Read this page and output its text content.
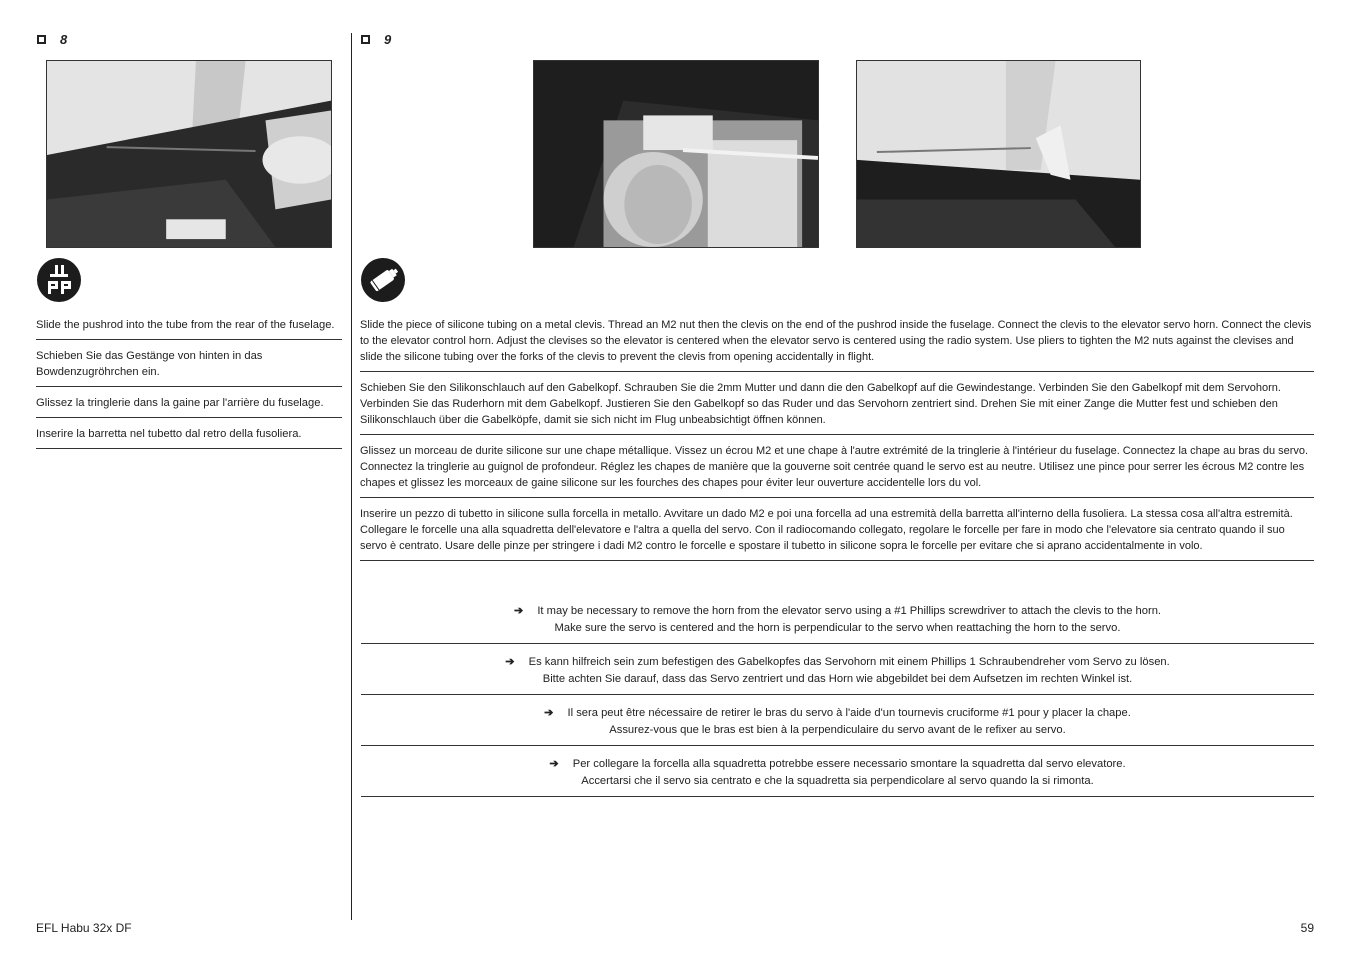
8	9
Slide the pushrod into the tube from the rear of the fuselage.
Schieben Sie das Gestänge von hinten in das Bowdenzugröhrchen ein.
Glissez la tringlerie dans la gaine par l'arrière du fuselage.
Inserire la barretta nel tubetto dal retro della fusoliera.
Slide the piece of silicone tubing on a metal clevis. Thread an M2 nut then the clevis on the end of the pushrod inside the fuselage. Connect the clevis to the elevator servo horn. Connect the clevis to the elevator control horn. Adjust the clevises so the elevator is centered when the elevator servo is centered using the radio system. Use pliers to tighten the M2 nuts against the clevises and slide the silicone tubing over the forks of the clevis to prevent the clevis from opening accidentally in flight.
Schieben Sie den Silikonschlauch auf den Gabelkopf. Schrauben Sie die 2mm Mutter und dann die den Gabelkopf auf die Gewindestange. Verbinden Sie den Gabelkopf mit dem Servohorn. Verbinden Sie das Ruderhorn mit dem Gabelkopf. Justieren Sie den Gabelkopf so das Ruder und das Servohorn zentriert sind. Drehen Sie mit einer Zange die Mutter fest und schieben den Silikonschlauch über die Gabelköpfe, damit sie sich nicht im Flug unbeabsichtigt öffnen können.
Glissez un morceau de durite silicone sur une chape métallique. Vissez un écrou M2 et une chape à l'autre extrémité de la tringlerie à l'intérieur du fuselage. Connectez la chape au bras du servo. Connectez la tringlerie au guignol de profondeur. Réglez les chapes de manière que la gouverne soit centrée quand le servo est au neutre. Utilisez une pince pour serrer les écrous M2 contre les chapes et glissez les morceaux de gaine silicone sur les fourches des chapes pour éviter leur ouverture accidentelle lors du vol.
Inserire un pezzo di tubetto in silicone sulla forcella in metallo. Avvitare un dado M2 e poi una forcella ad una estremità della barretta all'interno della fusoliera. La stessa cosa all'altra estremità. Collegare le forcelle una alla squadretta dell'elevatore e l'altra a quella del servo. Con il radiocomando collegato, regolare le forcelle per fare in modo che l'elevatore sia centrato quando il suo servo è centrato. Usare delle pinze per stringere i dadi M2 contro le forcelle e spostare il tubetto in silicone sopra le forcelle per evitare che si aprano accidentalmente in volo.
➔ It may be necessary to remove the horn from the elevator servo using a #1 Phillips screwdriver to attach the clevis to the horn.
Make sure the servo is centered and the horn is perpendicular to the servo when reattaching the horn to the servo.
➔ Es kann hilfreich sein zum befestigen des Gabelkopfes das Servohorn mit einem Phillips 1 Schraubendreher vom Servo zu lösen.
Bitte achten Sie darauf, dass das Servo zentriert und das Horn wie abgebildet bei dem Aufsetzen im rechten Winkel ist.
➔ Il sera peut être nécessaire de retirer le bras du servo à l'aide d'un tournevis cruciforme #1 pour y placer la chape.
Assurez-vous que le bras est bien à la perpendiculaire du servo avant de le refixer au servo.
➔ Per collegare la forcella alla squadretta potrebbe essere necessario smontare la squadretta dal servo elevatore.
Accertarsi che il servo sia centrato e che la squadretta sia perpendicolare al servo quando la si rimonta.
EFL Habu 32x DF	59
